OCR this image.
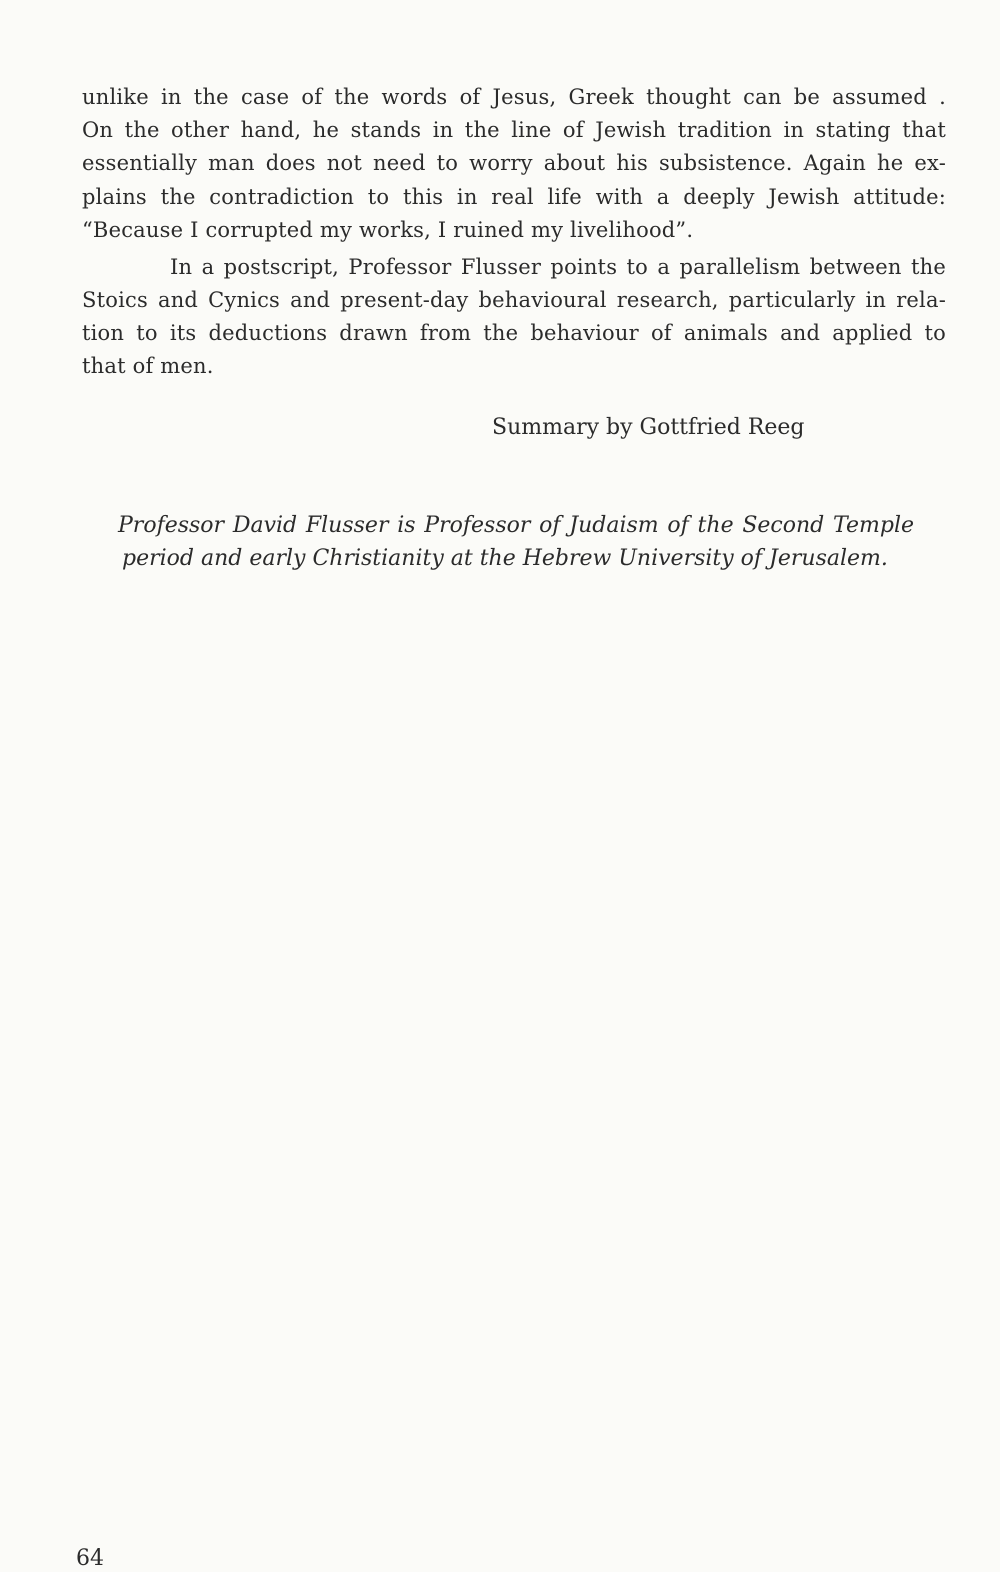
unlike in the case of the words of Jesus, Greek thought can be assumed .
On the other hand, he stands in the line of Jewish tradition in stating that
essentially man does not need to worry about his subsistence. Again he ex-
plains the contradiction to this in real life with a deeply Jewish attitude:
“Because I corrupted my works, I ruined my livelihood”.
In a postscript, Professor Flusser points to a parallelism between the
Stoics and Cynics and present-day behavioural research, particularly in rela-
tion to its deductions drawn from the behaviour of animals and applied to
that of men.
Summary by Gottfried Reeg
Professor David Flusser is Professor of Judaism of the Second Temple
period and early Christianity at the Hebrew University of Jerusalem.
64
